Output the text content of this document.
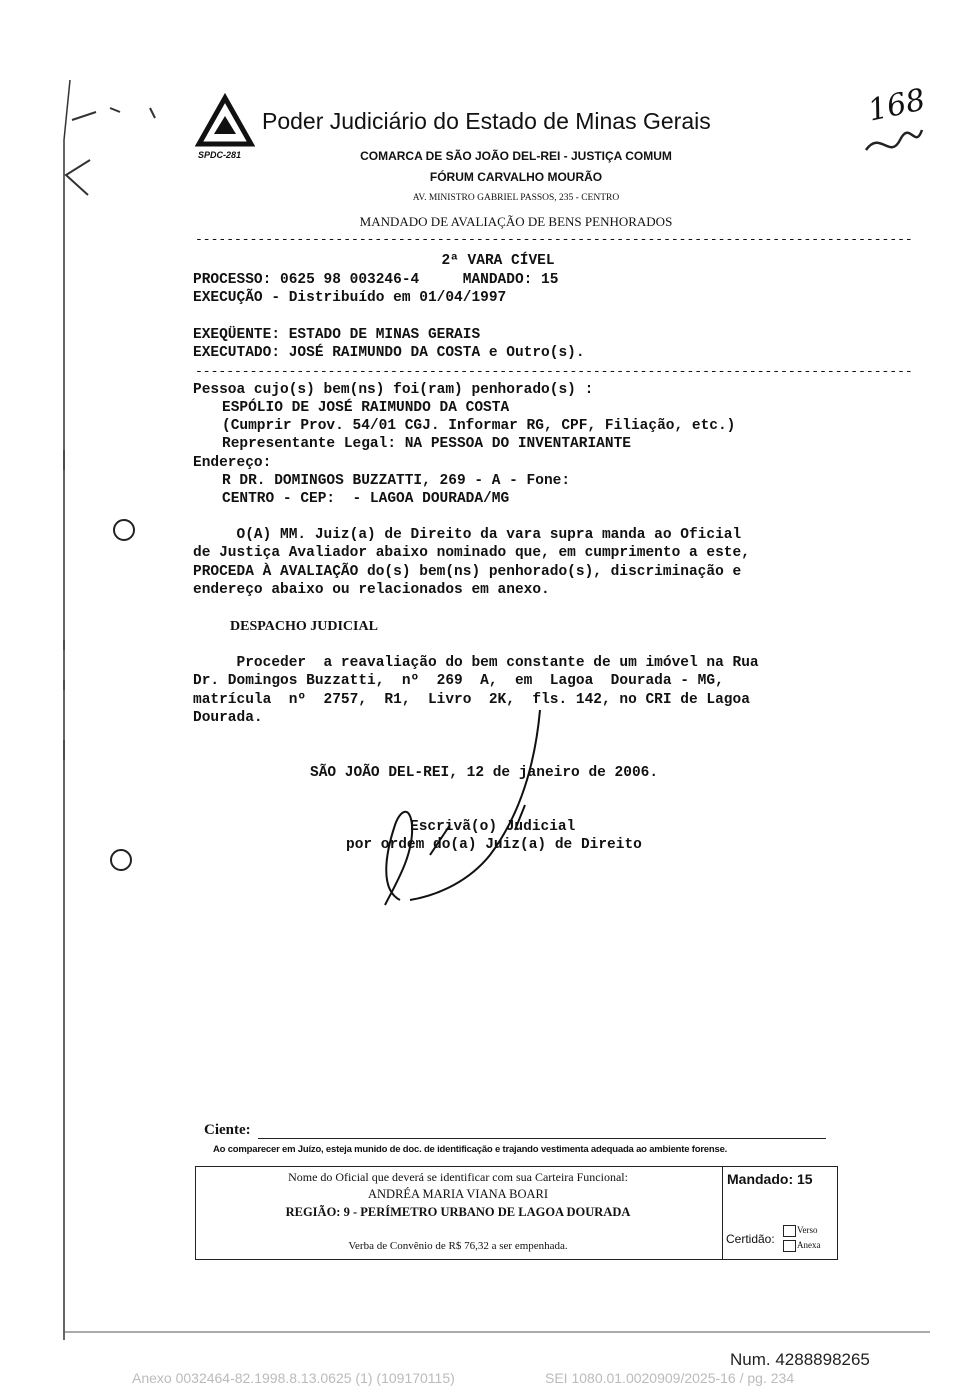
SPDC-281
Poder Judiciário do Estado de Minas Gerais	168
COMARCA DE SÃO JOÃO DEL-REI - JUSTIÇA COMUM
FÓRUM CARVALHO MOURÃO
AV. MINISTRO GABRIEL PASSOS, 235 - CENTRO
MANDADO DE AVALIAÇÃO DE BENS PENHORADOS
--------------------------------------------------------------------------------------------
2ª VARA CÍVEL
PROCESSO: 0625 98 003246-4     MANDADO: 15
EXECUÇÃO - Distribuído em 01/04/1997
EXEQÜENTE: ESTADO DE MINAS GERAIS
EXECUTADO: JOSÉ RAIMUNDO DA COSTA e Outro(s).
--------------------------------------------------------------------------------------------
Pessoa cujo(s) bem(ns) foi(ram) penhorado(s) :
ESPÓLIO DE JOSÉ RAIMUNDO DA COSTA
(Cumprir Prov. 54/01 CGJ. Informar RG, CPF, Filiação, etc.)
Representante Legal: NA PESSOA DO INVENTARIANTE
Endereço:
R DR. DOMINGOS BUZZATTI, 269 - A - Fone:
CENTRO - CEP:  - LAGOA DOURADA/MG
O(A) MM. Juiz(a) de Direito da vara supra manda ao Oficial
de Justiça Avaliador abaixo nominado que, em cumprimento a este,
PROCEDA À AVALIAÇÃO do(s) bem(ns) penhorado(s), discriminação e
endereço abaixo ou relacionados em anexo.
DESPACHO JUDICIAL
Proceder  a reavaliação do bem constante de um imóvel na Rua
Dr. Domingos Buzzatti,  nº  269  A,  em  Lagoa  Dourada - MG,
matrícula  nº  2757,  R1,  Livro  2K,  fls. 142, no CRI de Lagoa
Dourada.
SÃO JOÃO DEL-REI, 12 de janeiro de 2006.
Escrivã(o) Judicial
por ordem do(a) Juiz(a) de Direito
Ciente:
Ao comparecer em Juízo, esteja munido de doc. de identificação e trajando vestimenta adequada ao ambiente forense.
Nome do Oficial que deverá se identificar com sua Carteira Funcional:
ANDRÉA MARIA VIANA BOARI
REGIÃO: 9 - PERÍMETRO URBANO DE LAGOA DOURADA
Verba de Convênio de R$ 76,32 a ser empenhada.
Mandado: 15
Certidão:
Verso
Anexa
Num. 4288898265
Anexo 0032464-82.1998.8.13.0625 (1) (109170115)	SEI 1080.01.0020909/2025-16 / pg. 234
